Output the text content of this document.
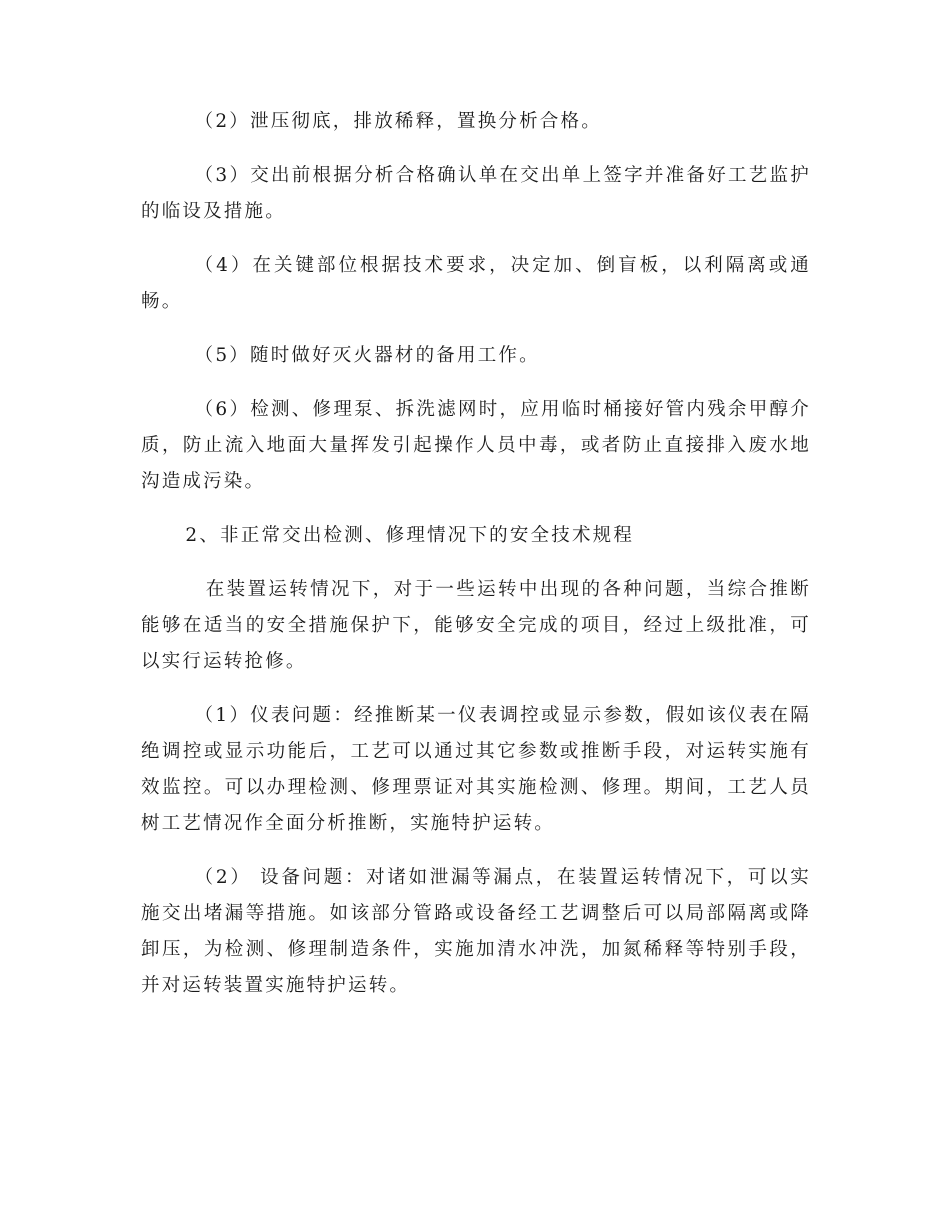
（2）泄压彻底，排放稀释，置换分析合格。

（3）交出前根据分析合格确认单在交出单上签字并准备好工艺监护的临设及措施。

（4）在关键部位根据技术要求，决定加、倒盲板，以利隔离或通畅。

（5）随时做好灭火器材的备用工作。

（6）检测、修理泵、拆洗滤网时，应用临时桶接好管内残余甲醇介质，防止流入地面大量挥发引起操作人员中毒，或者防止直接排入废水地沟造成污染。

2、非正常交出检测、修理情况下的安全技术规程

在装置运转情况下，对于一些运转中出现的各种问题，当综合推断能够在适当的安全措施保护下，能够安全完成的项目，经过上级批准，可以实行运转抢修。

（1）仪表问题：经推断某一仪表调控或显示参数，假如该仪表在隔绝调控或显示功能后，工艺可以通过其它参数或推断手段，对运转实施有效监控。可以办理检测、修理票证对其实施检测、修理。期间，工艺人员树工艺情况作全面分析推断，实施特护运转。

（2） 设备问题：对诸如泄漏等漏点，在装置运转情况下，可以实施交出堵漏等措施。如该部分管路或设备经工艺调整后可以局部隔离或降卸压，为检测、修理制造条件，实施加清水冲洗，加氮稀释等特别手段，并对运转装置实施特护运转。
